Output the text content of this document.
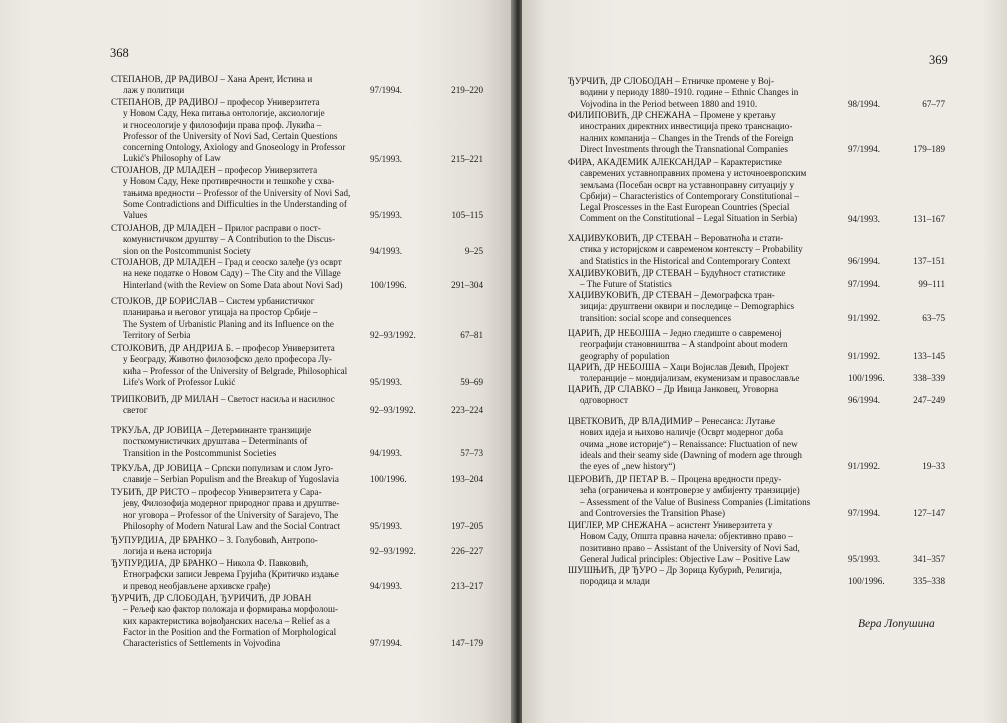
368	369
Вера Лопушина
СТЕПАНОВ, ДР РАДИВОЈ – Хана Арент, Истина и
лаж у политици	97/1994.	219–220
СТЕПАНОВ, ДР РАДИВОЈ – професор Универзитета
у Новом Саду, Нека питања онтологије, аксиологије
и гносеологије у филозофији права проф. Лукића –
Professor of the University of Novi Sad, Certain Questions
concerning Ontology, Axiology and Gnoseology in Professor
Lukić's Philosophy of Law	95/1993.	215–221
СТОЈАНОВ, ДР МЛАДЕН – професор Универзитета
у Новом Саду, Неке противречности и тешкоће у схва-
тањима вредности – Professor of the University of Novi Sad,
Some Contradictions and Difficulties in the Understanding of
Values	95/1993.	105–115
СТОЈАНОВ, ДР МЛАДЕН – Прилог расправи о пост-
комунистичком друштву – A Contribution to the Discus-
sion on the Postcommunist Society	94/1993.	9–25
СТОЈАНОВ, ДР МЛАДЕН – Град и сеоско залеђе (уз осврт
на неке податке о Новом Саду) – The City and the Village
Hinterland (with the Review on Some Data about Novi Sad)	100/1996.	291–304
СТОЈКОВ, ДР БОРИСЛАВ – Систем урбанистичког
планирања и његовог утицаја на простор Србије –
The System of Urbanistic Planing and its Influence on the
Territory of Serbia	92–93/1992.	67–81
СТОЈКОВИЋ, ДР АНДРИЈА Б. – професор Универзитета
у Београду, Животно филозофско дело професора Лу-
кића – Professor of the University of Belgrade, Philosophical
Life's Work of Professor Lukić	95/1993.	59–69
ТРИПКОВИЋ, ДР МИЛАН – Светост насиља и насилнос
светог	92–93/1992.	223–224
ТРКУЉА, ДР ЈОВИЦА – Детерминанте транзиције
посткомунистичких друштава – Determinants of
Transition in the Postcommunist Societies	94/1993.	57–73
ТРКУЉА, ДР ЈОВИЦА – Српски популизам и слом Југо-
славије – Serbian Populism and the Breakup of Yugoslavia	100/1996.	193–204
ТУБИЋ, ДР РИСТО – професор Универзитета у Сара-
јеву, Филозофија модерног природног права и друштве-
ног уговора – Professor of the University of Sarajevo, The
Philosophy of Modern Natural Law and the Social Contract	95/1993.	197–205
ЂУПУРДИЈА, ДР БРАНКО – З. Голубовић, Антропо-
логија и њена историја	92–93/1992.	226–227
ЂУПУРДИЈА, ДР БРАНКО – Никола Ф. Павковић,
Етнографски записи Јеврема Грујића (Критичко издање
и превод необјављене архивске грађе)	94/1993.	213–217
ЂУРЧИЋ, ДР СЛОБОДАН, ЂУРИЧИЋ, ДР ЈОВАН
– Рељеф као фактор положаја и формирања морфолош-
ких карактеристика војвођанских насеља – Relief as a
Factor in the Position and the Formation of Morphological
Characteristics of Settlements in Vojvodina	97/1994.	147–179
ЂУРЧИЋ, ДР СЛОБОДАН – Етничке промене у Вој-
водини у периоду 1880–1910. године – Ethnic Changes in
Vojvodina in the Period between 1880 and 1910.	98/1994.	67–77
ФИЛИПОВИЋ, ДР СНЕЖАНА – Промене у кретању
иностраних директних инвестиција преко транснацио-
налних компанија – Changes in the Trends of the Foreign
Direct Investments through the Transnational Companies	97/1994.	179–189
ФИРА, АКАДЕМИК АЛЕКСАНДАР – Карактеристике
савремених уставноправних промена у источноевропским
земљама (Посебан осврт на уставноправну ситуацију у
Србији) – Characteristics of Contemporary Constitutional –
Legal Proscesses in the East European Countries (Special
Comment on the Constitutional – Legal Situation in Serbia)	94/1993.	131–167
ХАЏИВУКОВИЋ, ДР СТЕВАН – Вероватноћа и стати-
стика у историјском и савременом контексту – Probability
and Statistics in the Historical and Contemporary Context	96/1994.	137–151
ХАЏИВУКОВИЋ, ДР СТЕВАН – Будућност статистике
– The Future of Statistics	97/1994.	99–111
ХАЏИВУКОВИЋ, ДР СТЕВАН – Демографска тран-
зиција: друштвени оквири и последице – Demographics
transition: social scope and consequences	91/1992.	63–75
ЦАРИЋ, ДР НЕБОЈША – Једно гледиште о савременој
географији становништва – A standpoint about modern
geography of population	91/1992.	133–145
ЦАРИЋ, ДР НЕБОЈША – Хаци Војислав Девић, Пројект
толеранције – мондијализам, екуменизам и православље	100/1996.	338–339
ЦАРИЋ, ДР СЛАВКО – Др Ивица Јанковец, Уговорна
одговорност	96/1994.	247–249
ЦВЕТКОВИЋ, ДР ВЛАДИМИР – Ренесанса: Лутање
нових идеја и њихово наличје (Осврт модерног доба
очима „нове историје“) – Renaissance: Fluctuation of new
ideals and their seamy side (Dawning of modern age through
the eyes of „new history“)	91/1992.	19–33
ЦЕРОВИЋ, ДР ПЕТАР В. – Процена вредности преду-
зећа (ограничења и контроверзе у амбијенту транзиције)
– Assessment of the Value of Business Companies (Limitations
and Controversies the Transition Phase)	97/1994.	127–147
ЦИГЛЕР, МР СНЕЖАНА – асистент Универзитета у
Новом Саду, Општа правна начела: објективно право –
позитивно право – Assistant of the University of Novi Sad,
General Judical principles: Objective Law – Positive Law	95/1993.	341–357
ШУШЊИЋ, ДР ЂУРО – Др Зорица Кубурић, Религија,
породица и млади	100/1996.	335–338
